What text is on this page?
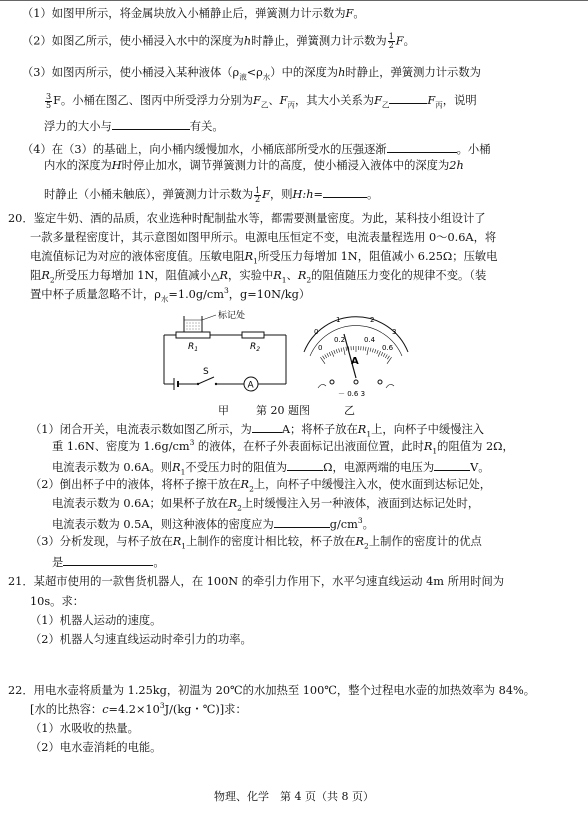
（1）如图甲所示，将金属块放入小桶静止后，弹簧测力计示数为F。
（2）如图乙所示，使小桶浸入水中的深度为h时静止，弹簧测力计示数为 $\frac{1}{2}$ F。
（3）如图丙所示，使小桶浸入某种液体$(\rho_液<\rho_水)$中的深度为h时静止，弹簧测力计示数为
$\frac{3}{5}$ F。小桶在图乙、图丙中所受浮力分别为$F_乙$、$F_丙$，其大小关系为$F_乙$	$F_丙$，说明
浮力的大小与	有关。
（4）在（3）的基础上，向小桶内缓慢加水，小桶底部所受水的压强逐渐	。小桶
内水的深度为H时停止加水，调节弹簧测力计的高度，使小桶浸入液体中的深度为2h
时静止（小桶未触底），弹簧测力计示数为 $\frac{1}{2}$ F，则H:h=	。
20．鉴定牛奶、酒的品质，农业选种时配制盐水等，都需要测量密度。为此，某科技小组设计了
一款多量程密度计，其示意图如图甲所示。电源电压恒定不变，电流表量程选用 0～0.6A，将
电流值标记为对应的液体密度值。压敏电阻$R_1$所受压力每增加 1N，阻值减小 6.25Ω；压敏电
阻$R_2$所受压力每增加 1N，阻值减小△R，实验中$R_1$、$R_2$的阻值随压力变化的规律不变。（装
置中杯子质量忽略不计，$\rho_水=1.0g/cm^3$，g=10N/kg）
标记处
$R_1$	$R_2$
S
A
0
1	2
3
0
0.2	0.4
0.6
A
－ 0.6 3
甲 第 20 题图	乙
（1）闭合开关，电流表示数如图乙所示，为	A；将杯子放在$R_1$上，向杯子中缓慢注入
重 1.6N、密度为 $1.6g/cm^3$ 的液体，在杯子外表面标记出液面位置，此时$R_1$的阻值为 2Ω，
电流表示数为 0.6A。则$R_1$不受压力时的阻值为	Ω，电源两端的电压为	V。
（2）倒出杯子中的液体，将杯子擦干放在$R_2$上，向杯子中缓慢注入水，使水面到达标记处，
电流表示数为 0.6A；如果杯子放在$R_2$上时缓慢注入另一种液体，液面到达标记处时，
电流表示数为 0.5A，则这种液体的密度应为	$g/cm^3$。
（3）分析发现，与杯子放在$R_1$上制作的密度计相比较，杯子放在$R_2$上制作的密度计的优点
是	。
21．某超市使用的一款售货机器人，在 100N 的牵引力作用下，水平匀速直线运动 4m 所用时间为
10s。求：
（1）机器人运动的速度。
（2）机器人匀速直线运动时牵引力的功率。
22．用电水壶将质量为 1.25kg，初温为 20℃的水加热至 100℃，整个过程电水壶的加热效率为 84%。
[水的比热容：$c=4.2\times 10^3J/(kg$・℃)]求：
（1）水吸收的热量。
（2）电水壶消耗的电能。
物理、化学　第 4 页（共 8 页）
